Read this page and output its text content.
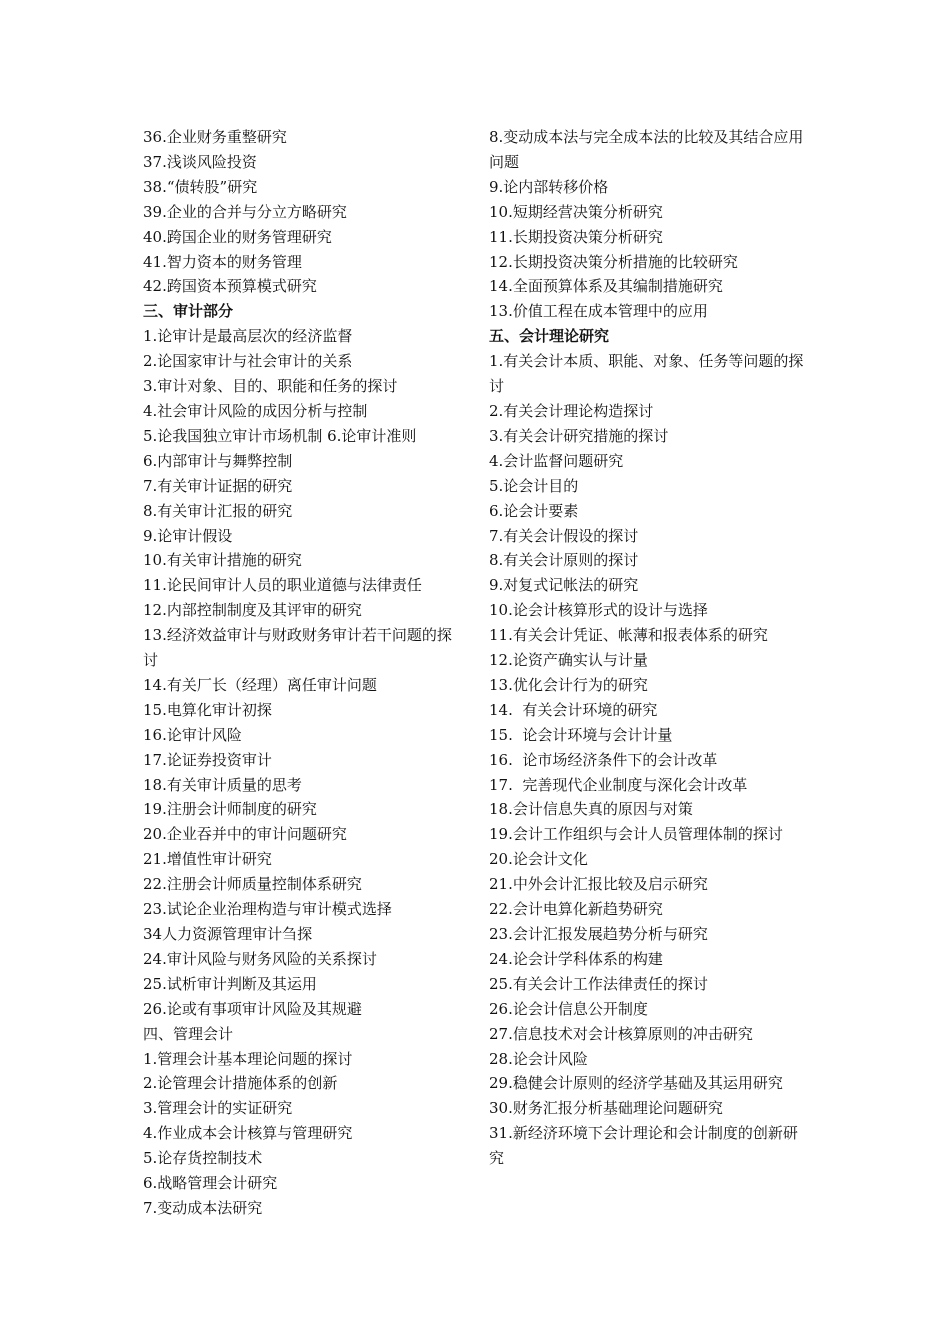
36.企业财务重整研究
37.浅谈风险投资
38.“债转股”研究
39.企业的合并与分立方略研究
40.跨国企业的财务管理研究
41.智力资本的财务管理
42.跨国资本预算模式研究
三、审计部分
1.论审计是最高层次的经济监督
2.论国家审计与社会审计的关系
3.审计对象、目的、职能和任务的探讨
4.社会审计风险的成因分析与控制
5.论我国独立审计市场机制 6.论审计准则
6.内部审计与舞弊控制
7.有关审计证据的研究
8.有关审计汇报的研究
9.论审计假设
10.有关审计措施的研究
11.论民间审计人员的职业道德与法律责任
12.内部控制制度及其评审的研究
13.经济效益审计与财政财务审计若干问题的探讨
14.有关厂长（经理）离任审计问题
15.电算化审计初探
16.论审计风险
17.论证券投资审计
18.有关审计质量的思考
19.注册会计师制度的研究
20.企业吞并中的审计问题研究
21.增值性审计研究
22.注册会计师质量控制体系研究
23.试论企业治理构造与审计模式选择
34人力资源管理审计刍探
24.审计风险与财务风险的关系探讨
25.试析审计判断及其运用
26.论或有事项审计风险及其规避
四、管理会计
1.管理会计基本理论问题的探讨
2.论管理会计措施体系的创新
3.管理会计的实证研究
4.作业成本会计核算与管理研究
5.论存货控制技术
6.战略管理会计研究
7.变动成本法研究
8.变动成本法与完全成本法的比较及其结合应用问题
9.论内部转移价格
10.短期经营决策分析研究
11.长期投资决策分析研究
12.长期投资决策分析措施的比较研究
14.全面预算体系及其编制措施研究
13.价值工程在成本管理中的应用
五、会计理论研究
1.有关会计本质、职能、对象、任务等问题的探讨
2.有关会计理论构造探讨
3.有关会计研究措施的探讨
4.会计监督问题研究
5.论会计目的
6.论会计要素
7.有关会计假设的探讨
8.有关会计原则的探讨
9.对复式记帐法的研究
10.论会计核算形式的设计与选择
11.有关会计凭证、帐薄和报表体系的研究
12.论资产确实认与计量
13.优化会计行为的研究
14.  有关会计环境的研究
15.  论会计环境与会计计量
16.  论市场经济条件下的会计改革
17.  完善现代企业制度与深化会计改革
18.会计信息失真的原因与对策
19.会计工作组织与会计人员管理体制的探讨
20.论会计文化
21.中外会计汇报比较及启示研究
22.会计电算化新趋势研究
23.会计汇报发展趋势分析与研究
24.论会计学科体系的构建
25.有关会计工作法律责任的探讨
26.论会计信息公开制度
27.信息技术对会计核算原则的冲击研究
28.论会计风险
29.稳健会计原则的经济学基础及其运用研究
30.财务汇报分析基础理论问题研究
31.新经济环境下会计理论和会计制度的创新研究
